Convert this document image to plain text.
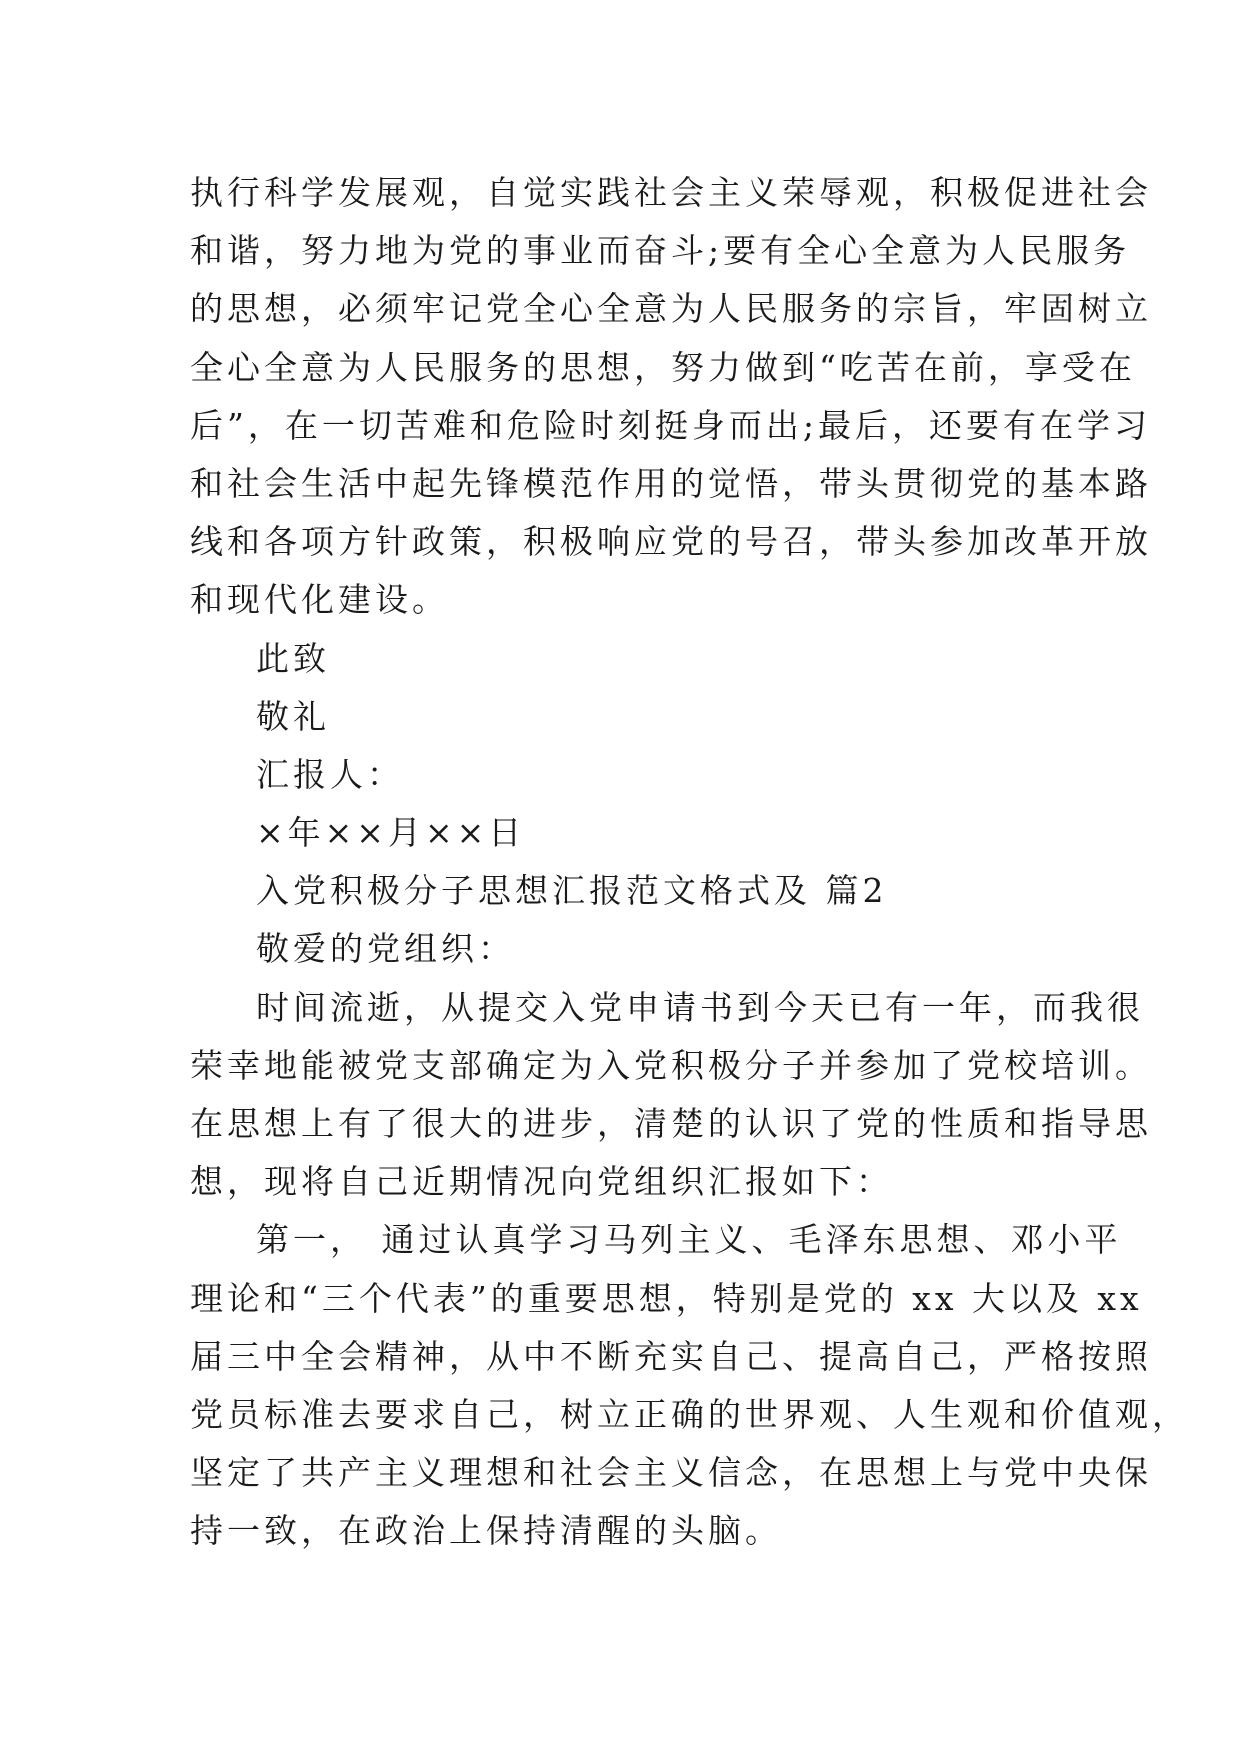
执行科学发展观，自觉实践社会主义荣辱观，积极促进社会
和谐，努力地为党的事业而奋斗;要有全心全意为人民服务
的思想，必须牢记党全心全意为人民服务的宗旨，牢固树立
全心全意为人民服务的思想，努力做到“吃苦在前，享受在
后”，在一切苦难和危险时刻挺身而出;最后，还要有在学习
和社会生活中起先锋模范作用的觉悟，带头贯彻党的基本路
线和各项方针政策，积极响应党的号召，带头参加改革开放
和现代化建设。
此致
敬礼
汇报人：
×年××月××日
入党积极分子思想汇报范文格式及 篇2
敬爱的党组织：
时间流逝，从提交入党申请书到今天已有一年，而我很
荣幸地能被党支部确定为入党积极分子并参加了党校培训。
在思想上有了很大的进步，清楚的认识了党的性质和指导思
想，现将自己近期情况向党组织汇报如下：
第一， 通过认真学习马列主义、毛泽东思想、邓小平
理论和“三个代表”的重要思想，特别是党的 xx 大以及 xx
届三中全会精神，从中不断充实自己、提高自己，严格按照
党员标准去要求自己，树立正确的世界观、人生观和价值观，
坚定了共产主义理想和社会主义信念，在思想上与党中央保
持一致，在政治上保持清醒的头脑。
